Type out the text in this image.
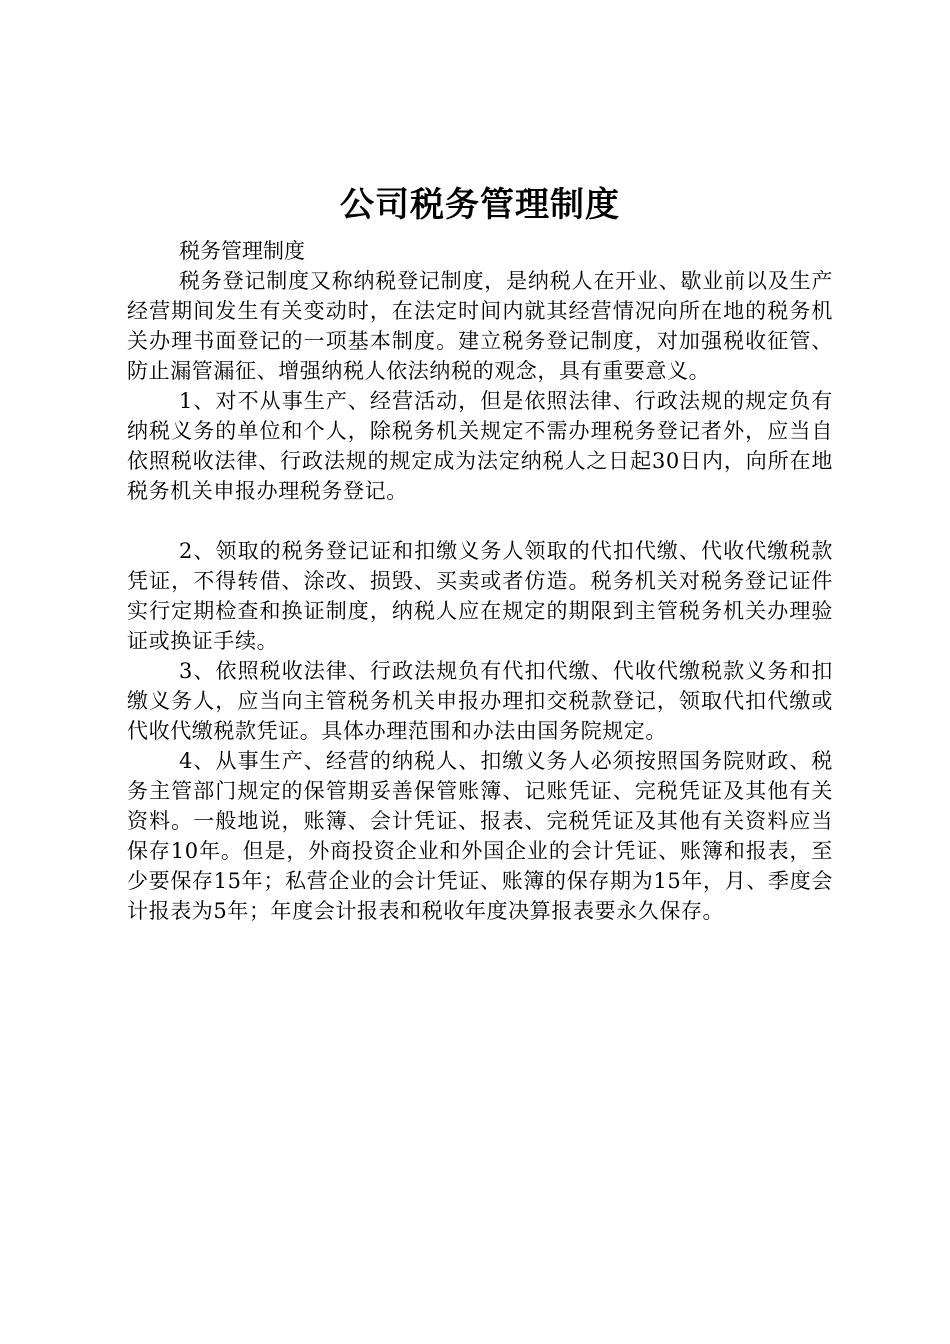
公司税务管理制度

税务管理制度

税务登记制度又称纳税登记制度，是纳税人在开业、歇业前以及生产经营期间发生有关变动时，在法定时间内就其经营情况向所在地的税务机关办理书面登记的一项基本制度。建立税务登记制度，对加强税收征管、防止漏管漏征、增强纳税人依法纳税的观念，具有重要意义。

1、对不从事生产、经营活动，但是依照法律、行政法规的规定负有纳税义务的单位和个人，除税务机关规定不需办理税务登记者外，应当自依照税收法律、行政法规的规定成为法定纳税人之日起30日内，向所在地税务机关申报办理税务登记。

2、领取的税务登记证和扣缴义务人领取的代扣代缴、代收代缴税款凭证，不得转借、涂改、损毁、买卖或者仿造。税务机关对税务登记证件实行定期检查和换证制度，纳税人应在规定的期限到主管税务机关办理验证或换证手续。

3、依照税收法律、行政法规负有代扣代缴、代收代缴税款义务和扣缴义务人，应当向主管税务机关申报办理扣交税款登记，领取代扣代缴或代收代缴税款凭证。具体办理范围和办法由国务院规定。

4、从事生产、经营的纳税人、扣缴义务人必须按照国务院财政、税务主管部门规定的保管期妥善保管账簿、记账凭证、完税凭证及其他有关资料。一般地说，账簿、会计凭证、报表、完税凭证及其他有关资料应当保存10年。但是，外商投资企业和外国企业的会计凭证、账簿和报表，至少要保存15年；私营企业的会计凭证、账簿的保存期为15年，月、季度会计报表为5年；年度会计报表和税收年度决算报表要永久保存。
